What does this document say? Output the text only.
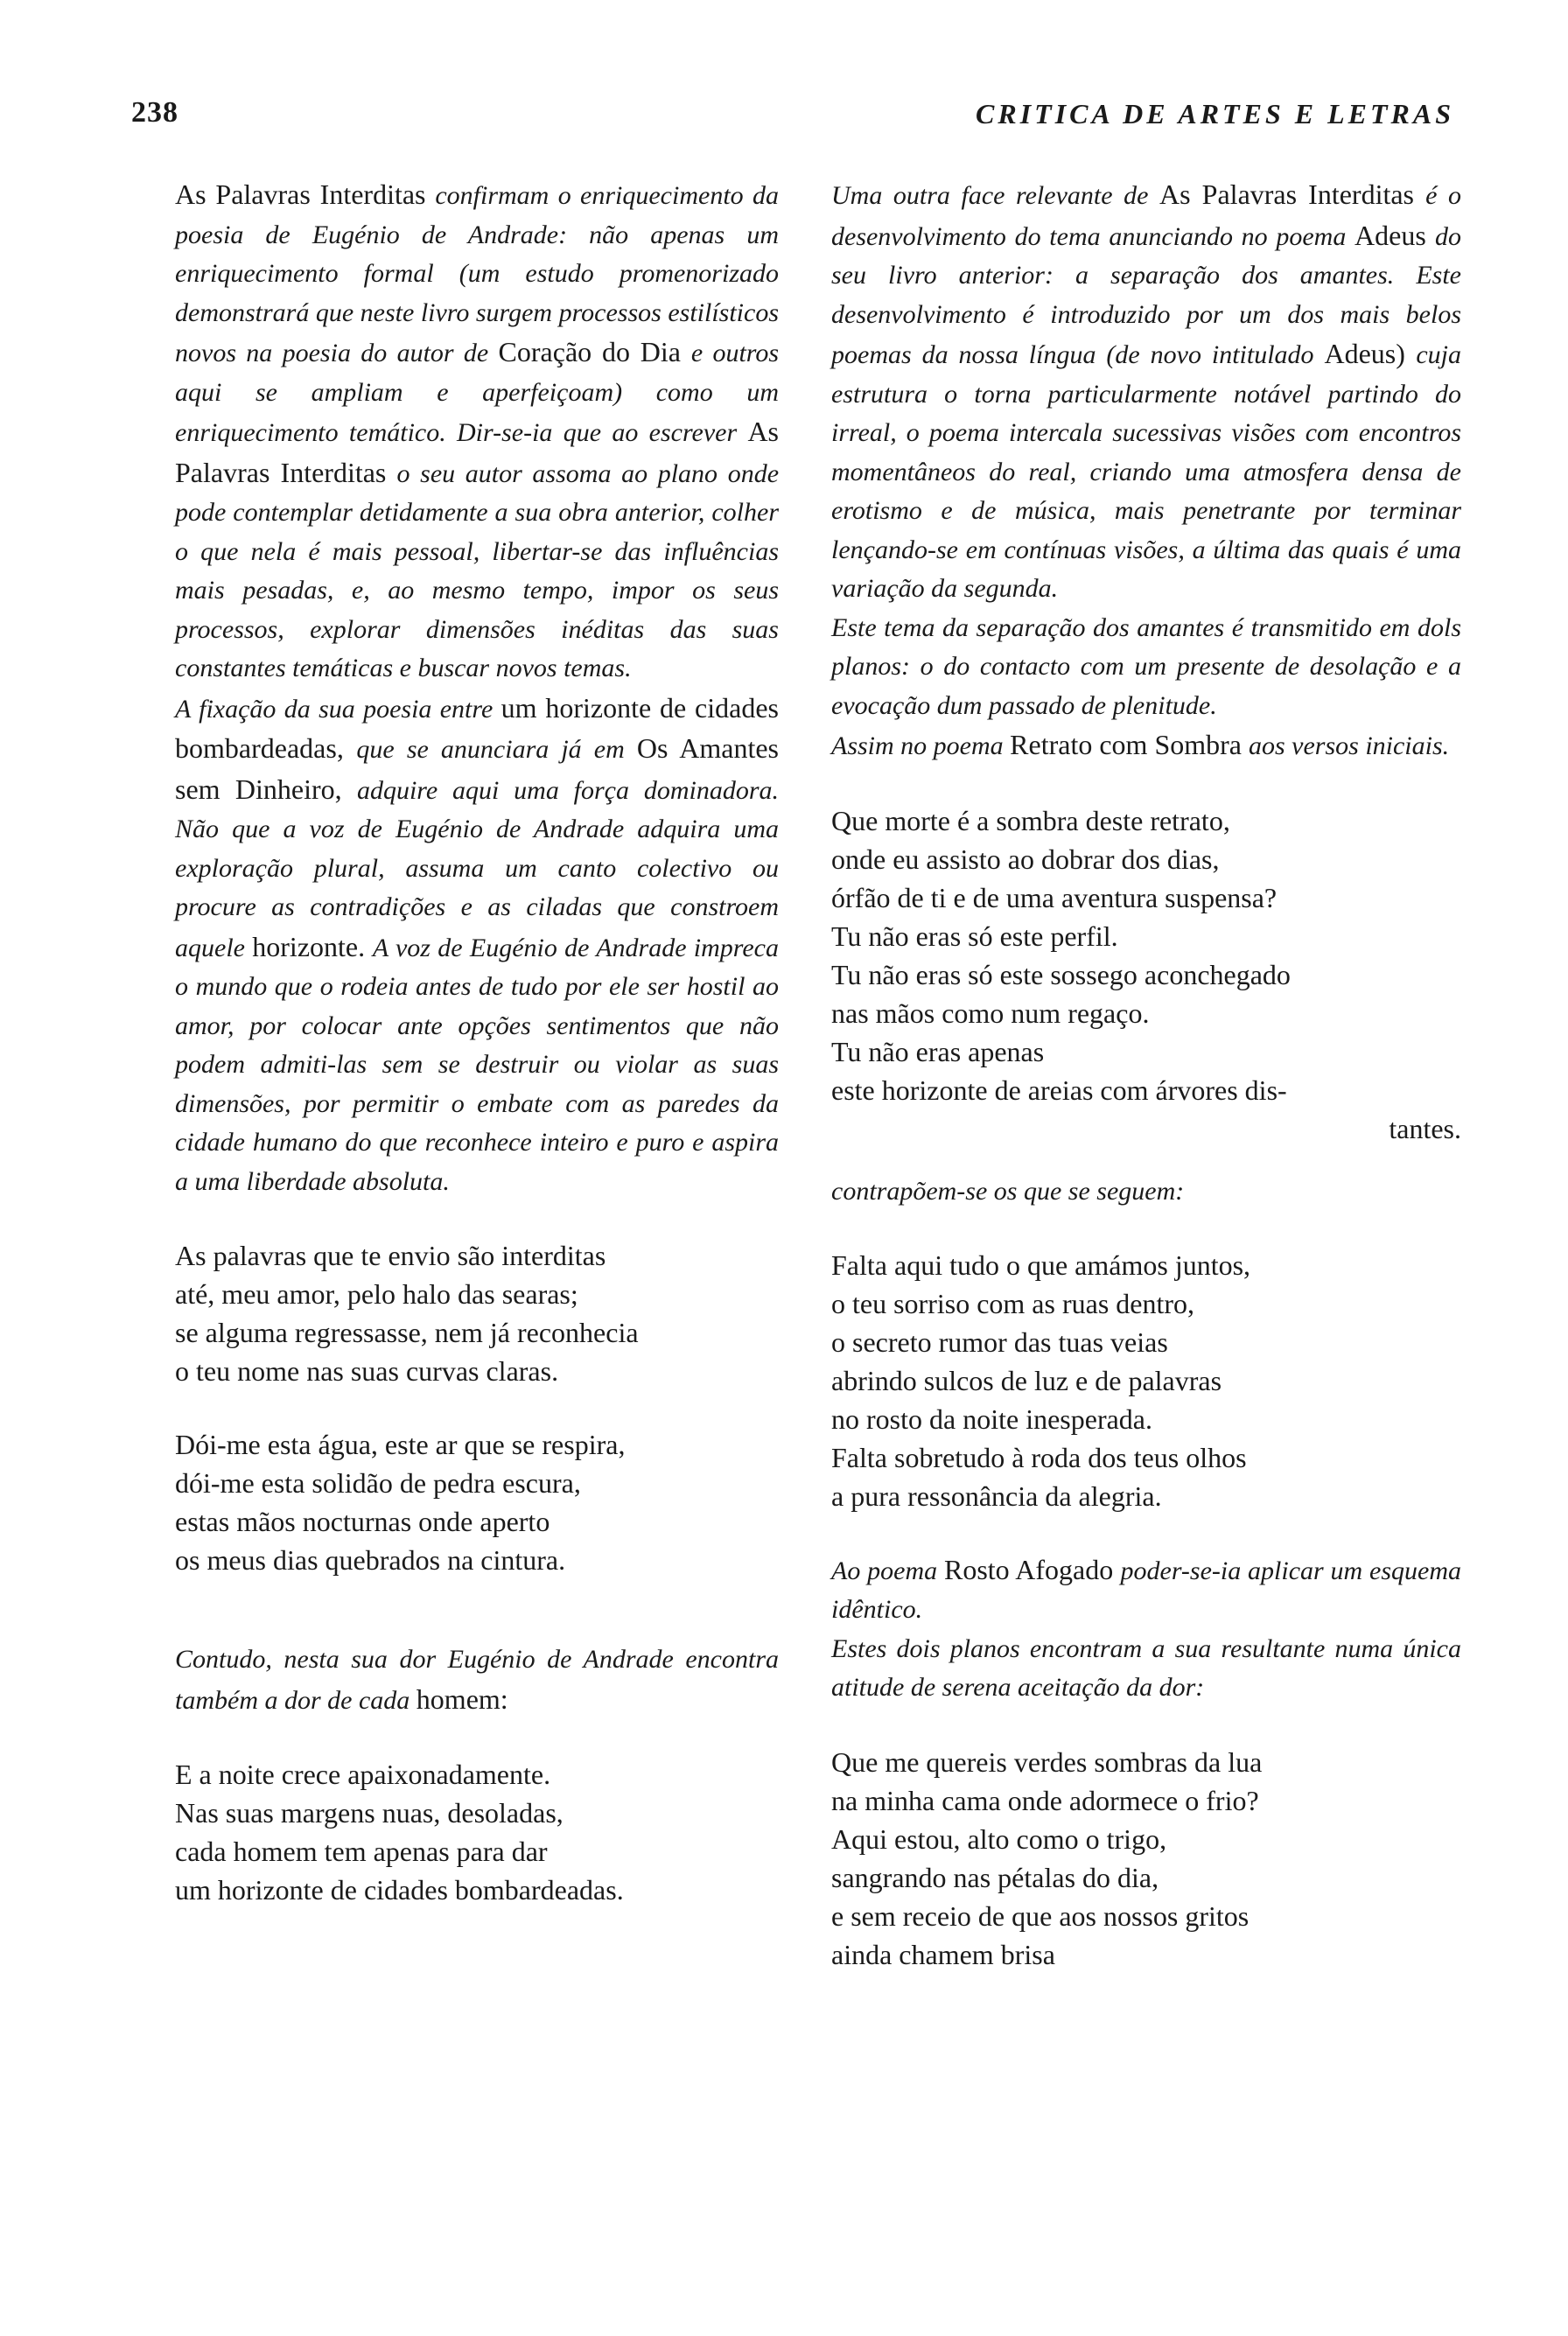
238	CRITICA DE ARTES E LETRAS

As Palavras Interditas confirmam o enriquecimento da poesia de Eugénio de Andrade: não apenas um enriquecimento formal (um estudo promenorizado demonstrará que neste livro surgem processos estilísticos novos na poesia do autor de Coração do Dia e outros aqui se ampliam e aperfeiçoam) como um enriquecimento temático. Dir-se-ia que ao escrever As Palavras Interditas o seu autor assoma ao plano onde pode contemplar detidamente a sua obra anterior, colher o que nela é mais pessoal, libertar-se das influências mais pesadas, e, ao mesmo tempo, impor os seus processos, explorar dimensões inéditas das suas constantes temáticas e buscar novos temas.

A fixação da sua poesia entre um horizonte de cidades bombardeadas, que se anunciara já em Os Amantes sem Dinheiro, adquire aqui uma força dominadora. Não que a voz de Eugénio de Andrade adquira uma exploração plural, assuma um canto colectivo ou procure as contradições e as ciladas que constroem aquele horizonte. A voz de Eugénio de Andrade impreca o mundo que o rodeia antes de tudo por ele ser hostil ao amor, por colocar ante opções sentimentos que não podem admiti-las sem se destruir ou violar as suas dimensões, por permitir o embate com as paredes da cidade humano do que reconhece inteiro e puro e aspira a uma liberdade absoluta.

As palavras que te envio são interditas
até, meu amor, pelo halo das searas;
se alguma regressasse, nem já reconhecia
o teu nome nas suas curvas claras.
Dói-me esta água, este ar que se respira,
dói-me esta solidão de pedra escura,
estas mãos nocturnas onde aperto
os meus dias quebrados na cintura.

Contudo, nesta sua dor Eugénio de Andrade encontra também a dor de cada homem:

E a noite crece apaixonadamente.
Nas suas margens nuas, desoladas,
cada homem tem apenas para dar
um horizonte de cidades bombardeadas.

Uma outra face relevante de As Palavras Interditas é o desenvolvimento do tema anunciando no poema Adeus do seu livro anterior: a separação dos amantes. Este desenvolvimento é introduzido por um dos mais belos poemas da nossa língua (de novo intitulado Adeus) cuja estrutura o torna particularmente notável partindo do irreal, o poema intercala sucessivas visões com encontros momentâneos do real, criando uma atmosfera densa de erotismo e de música, mais penetrante por terminar lençando-se em contínuas visões, a última das quais é uma variação da segunda.

Este tema da separação dos amantes é transmitido em dols planos: o do contacto com um presente de desolação e a evocação dum passado de plenitude.

Assim no poema Retrato com Sombra aos versos iniciais.

Que morte é a sombra deste retrato,
onde eu assisto ao dobrar dos dias,
órfão de ti e de uma aventura suspensa?
Tu não eras só este perfil.
Tu não eras só este sossego aconchegado
nas mãos como num regaço.
Tu não eras apenas
este horizonte de areias com árvores dis-
tantes.

contrapõem-se os que se seguem:

Falta aqui tudo o que amámos juntos,
o teu sorriso com as ruas dentro,
o secreto rumor das tuas veias
abrindo sulcos de luz e de palavras
no rosto da noite inesperada.
Falta sobretudo à roda dos teus olhos
a pura ressonância da alegria.

Ao poema Rosto Afogado poder-se-ia aplicar um esquema idêntico.

Estes dois planos encontram a sua resultante numa única atitude de serena aceitação da dor:

Que me quereis verdes sombras da lua
na minha cama onde adormece o frio?
Aqui estou, alto como o trigo,
sangrando nas pétalas do dia,
e sem receio de que aos nossos gritos
ainda chamem brisa
